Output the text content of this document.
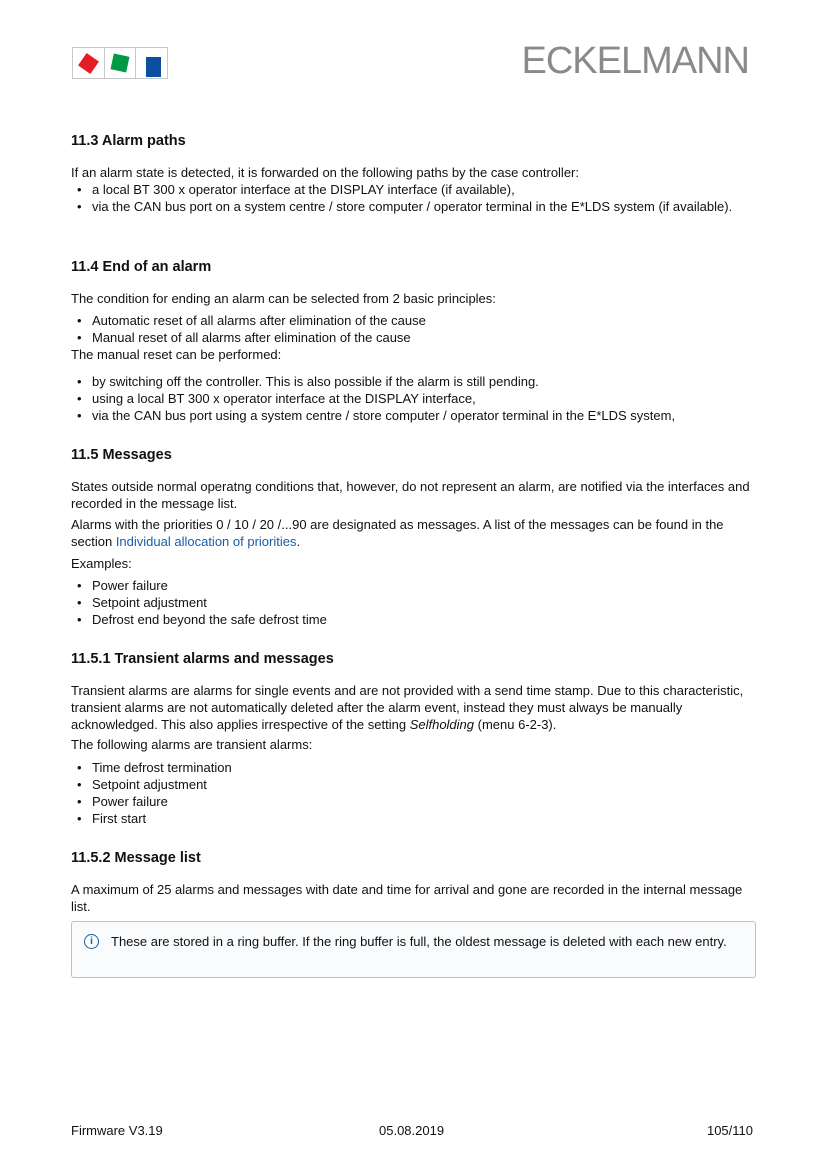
ECKELMANN
11.3 Alarm paths
If an alarm state is detected, it is forwarded on the following paths by the case controller:
• a local BT 300 x operator interface at the DISPLAY interface (if available),
• via the CAN bus port on a system centre / store computer / operator terminal in the E*LDS system (if available).
11.4 End of an alarm
The condition for ending an alarm can be selected from 2 basic principles:
• Automatic reset of all alarms after elimination of the cause
• Manual reset of all alarms after elimination of the cause
The manual reset can be performed:
• by switching off the controller. This is also possible if the alarm is still pending.
• using a local BT 300 x operator interface at the DISPLAY interface,
• via the CAN bus port using a system centre / store computer / operator terminal in the E*LDS system,
11.5 Messages
States outside normal operatng conditions that, however, do not represent an alarm, are notified via the interfaces and recorded in the message list.
Alarms with the priorities 0 / 10 / 20 /...90 are designated as messages. A list of the messages can be found in the section Individual allocation of priorities.
Examples:
• Power failure
• Setpoint adjustment
• Defrost end beyond the safe defrost time
11.5.1 Transient alarms and messages
Transient alarms are alarms for single events and are not provided with a send time stamp. Due to this characteristic, transient alarms are not automatically deleted after the alarm event, instead they must always be manually acknowledged. This also applies irrespective of the setting Selfholding (menu 6-2-3).
The following alarms are transient alarms:
• Time defrost termination
• Setpoint adjustment
• Power failure
• First start
11.5.2 Message list
A maximum of 25 alarms and messages with date and time for arrival and gone are recorded in the internal message list.
i	These are stored in a ring buffer. If the ring buffer is full, the oldest message is deleted with each new entry.
Firmware V3.19	05.08.2019	105/110
